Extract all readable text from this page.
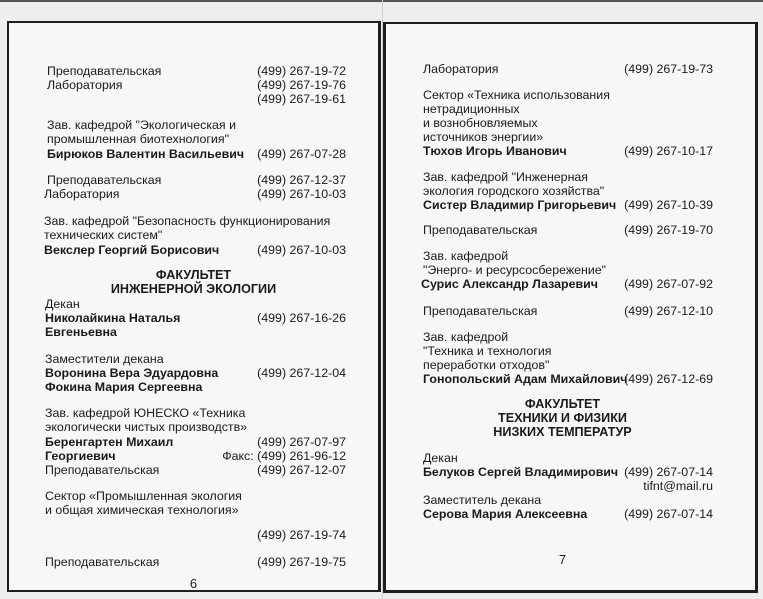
Преподавательская	(499) 267-19-72
Лаборатория	(499) 267-19-76
(499) 267-19-61
Зав. кафедрой "Экологическая и
промышленная биотехнология"
Бирюков Валентин Васильевич (499) 267-07-28
Преподавательская	(499) 267-12-37
Лаборатория	(499) 267-10-03
Зав. кафедрой "Безопасность функционирования
технических систем"
Векслер Георгий Борисович	(499) 267-10-03
ФАКУЛЬТЕТ
ИНЖЕНЕРНОЙ ЭКОЛОГИИ
Декан
Николайкина Наталья	(499) 267-16-26
Евгеньевна
Заместители декана
Воронина Вера Эдуардовна	(499) 267-12-04
Фокина Мария Сергеевна
Зав. кафедрой ЮНЕСКО «Техника
экологически чистых производств»
Беренгартен Михаил	(499) 267-07-97
Георгиевич	Факс: (499) 261-96-12
Преподавательская	(499) 267-12-07
Сектор «Промышленная экология
и общая химическая технология»
(499) 267-19-74
Преподавательская	(499) 267-19-75
6
Лаборатория	(499) 267-19-73
Сектор «Техника использования
нетрадиционных
и вознобновляемых
источников энергии»
Тюхов Игорь Иванович	(499) 267-10-17
Зав. кафедрой "Инженерная
экология городского хозяйства"
Систер Владимир Григорьевич (499) 267-10-39
Преподавательская	(499) 267-19-70
Зав. кафедрой
"Энерго- и ресурсосбережение"
Сурис Александр Лазаревич (499) 267-07-92
Преподавательская	(499) 267-12-10
Зав. кафедрой
"Техника и технология
переработки отходов"
Гонопольский Адам Михайлович
(499) 267-12-69
ФАКУЛЬТЕТ
ТЕХНИКИ И ФИЗИКИ
НИЗКИХ ТЕМПЕРАТУР
Декан
Белуков Сергей Владимирович (499) 267-07-14
tifnt@mail.ru
Заместитель декана
Серова Мария Алексеевна	(499) 267-07-14
7
